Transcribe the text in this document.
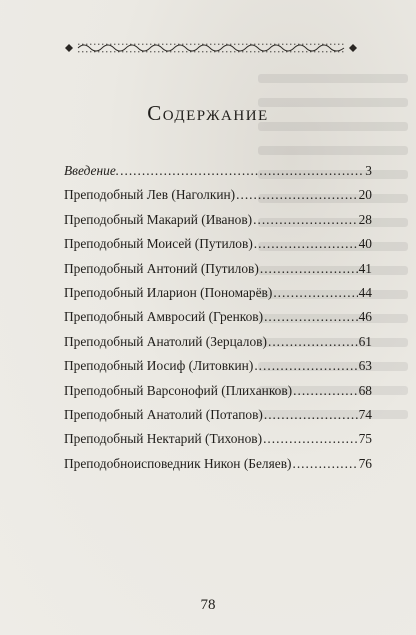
Содержание
Введение. .....	3
Преподобный Лев (Наголкин) .....	20
Преподобный Макарий (Иванов) .....	28
Преподобный Моисей (Путилов) .....	40
Преподобный Антоний (Путилов) .....	41
Преподобный Иларион (Пономарёв) .....	44
Преподобный Амвросий (Гренков) .....	46
Преподобный Анатолий (Зерцалов) .....	61
Преподобный Иосиф (Литовкин) .....	63
Преподобный Варсонофий (Плиханков) .....	68
Преподобный Анатолий (Потапов) .....	74
Преподобный Нектарий (Тихонов) .....	75
Преподобноисповедник Никон (Беляев) .....	76
78
